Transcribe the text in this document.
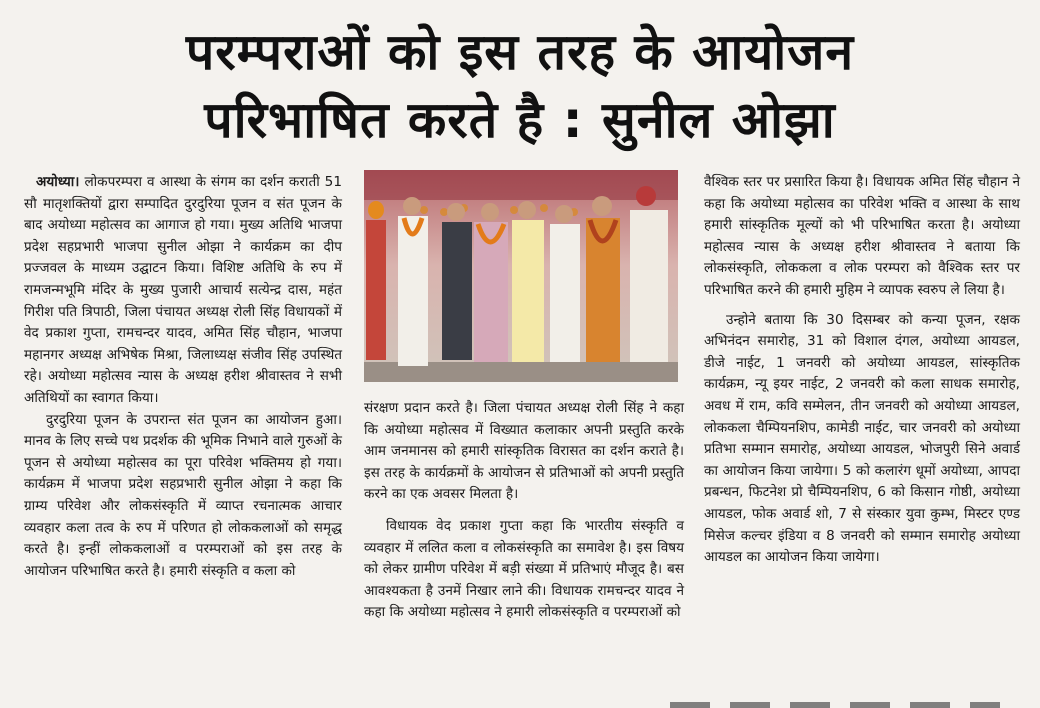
परम्पराओं को इस तरह के आयोजन
परिभाषित करते है : सुनील ओझा

अयोध्या। लोकपरम्परा व आस्था के संगम का दर्शन कराती 51 सौ मातृशक्तियों द्वारा सम्पादित दुरदुरिया पूजन व संत पूजन के बाद अयोध्या महोत्सव का आगाज हो गया। मुख्य अतिथि भाजपा प्रदेश सहप्रभारी भाजपा सुनील ओझा ने कार्यक्रम का दीप प्रज्जवल के माध्यम उद्घाटन किया। विशिष्ट अतिथि के रुप में रामजन्मभूमि मंदिर के मुख्य पुजारी आचार्य सत्येन्द्र दास, महंत गिरीश पति त्रिपाठी, जिला पंचायत अध्यक्ष रोली सिंह विधायकों में वेद प्रकाश गुप्ता, रामचन्दर यादव, अमित सिंह चौहान, भाजपा महानगर अध्यक्ष अभिषेक मिश्रा, जिलाध्यक्ष संजीव सिंह उपस्थित रहे। अयोध्या महोत्सव न्यास के अध्यक्ष हरीश श्रीवास्तव ने सभी अतिथियों का स्वागत किया।

दुरदुरिया पूजन के उपरान्त संत पूजन का आयोजन हुआ। मानव के लिए सच्चे पथ प्रदर्शक की भूमिक निभाने वाले गुरुओं के पूजन से अयोध्या महोत्सव का पूरा परिवेश भक्तिमय हो गया। कार्यक्रम में भाजपा प्रदेश सहप्रभारी सुनील ओझा ने कहा कि ग्राम्य परिवेश और लोकसंस्कृति में व्याप्त रचनात्मक आचार व्यवहार कला तत्व के रुप में परिणत हो लोककलाओं को समृद्ध करते है। इन्हीं लोककलाओं व परम्पराओं को इस तरह के आयोजन परिभाषित करते है। हमारी संस्कृति व कला को

संरक्षण प्रदान करते है। जिला पंचायत अध्यक्ष रोली सिंह ने कहा कि अयोध्या महोत्सव में विख्यात कलाकार अपनी प्रस्तुति करके आम जनमानस को हमारी सांस्कृतिक विरासत का दर्शन कराते है। इस तरह के कार्यक्रमों के आयोजन से प्रतिभाओं को अपनी प्रस्तुति करने का एक अवसर मिलता है।

विधायक वेद प्रकाश गुप्ता कहा कि भारतीय संस्कृति व व्यवहार में ललित कला व लोकसंस्कृति का समावेश है। इस विषय को लेकर ग्रामीण परिवेश में बड़ी संख्या में प्रतिभाएं मौजूद है। बस आवश्यकता है उनमें निखार लाने की। विधायक रामचन्दर यादव ने कहा कि अयोध्या महोत्सव ने हमारी लोकसंस्कृति व परम्पराओं को

वैश्विक स्तर पर प्रसारित किया है। विधायक अमित सिंह चौहान ने कहा कि अयोध्या महोत्सव का परिवेश भक्ति व आस्था के साथ हमारी सांस्कृतिक मूल्यों को भी परिभाषित करता है। अयोध्या महोत्सव न्यास के अध्यक्ष हरीश श्रीवास्तव ने बताया कि लोकसंस्कृति, लोककला व लोक परम्परा को वैश्विक स्तर पर परिभाषित करने की हमारी मुहिम ने व्यापक स्वरुप ले लिया है।

उन्होने बताया कि 30 दिसम्बर को कन्या पूजन, रक्षक अभिनंदन समारोह, 31 को विशाल दंगल, अयोध्या आयडल, डीजे नाईट, 1 जनवरी को अयोध्या आयडल, सांस्कृतिक कार्यक्रम, न्यू इयर नाईट, 2 जनवरी को कला साधक समारोह, अवध में राम, कवि सम्मेलन, तीन जनवरी को अयोध्या आयडल, लोककला चैम्पियनशिप, कामेडी नाईट, चार जनवरी को अयोध्या प्रतिभा सम्मान समारोह, अयोध्या आयडल, भोजपुरी सिने अवार्ड का आयोजन किया जायेगा। 5 को कलारंग धूमों अयोध्या, आपदा प्रबन्धन, फिटनेश प्रो चैम्पियनशिप, 6 को किसान गोष्ठी, अयोध्या आयडल, फोक अवार्ड शो, 7 से संस्कार युवा कुम्भ, मिस्टर एण्ड मिसेज कल्चर इंडिया व 8 जनवरी को सम्मान समारोह अयोध्या आयडल का आयोजन किया जायेगा।
